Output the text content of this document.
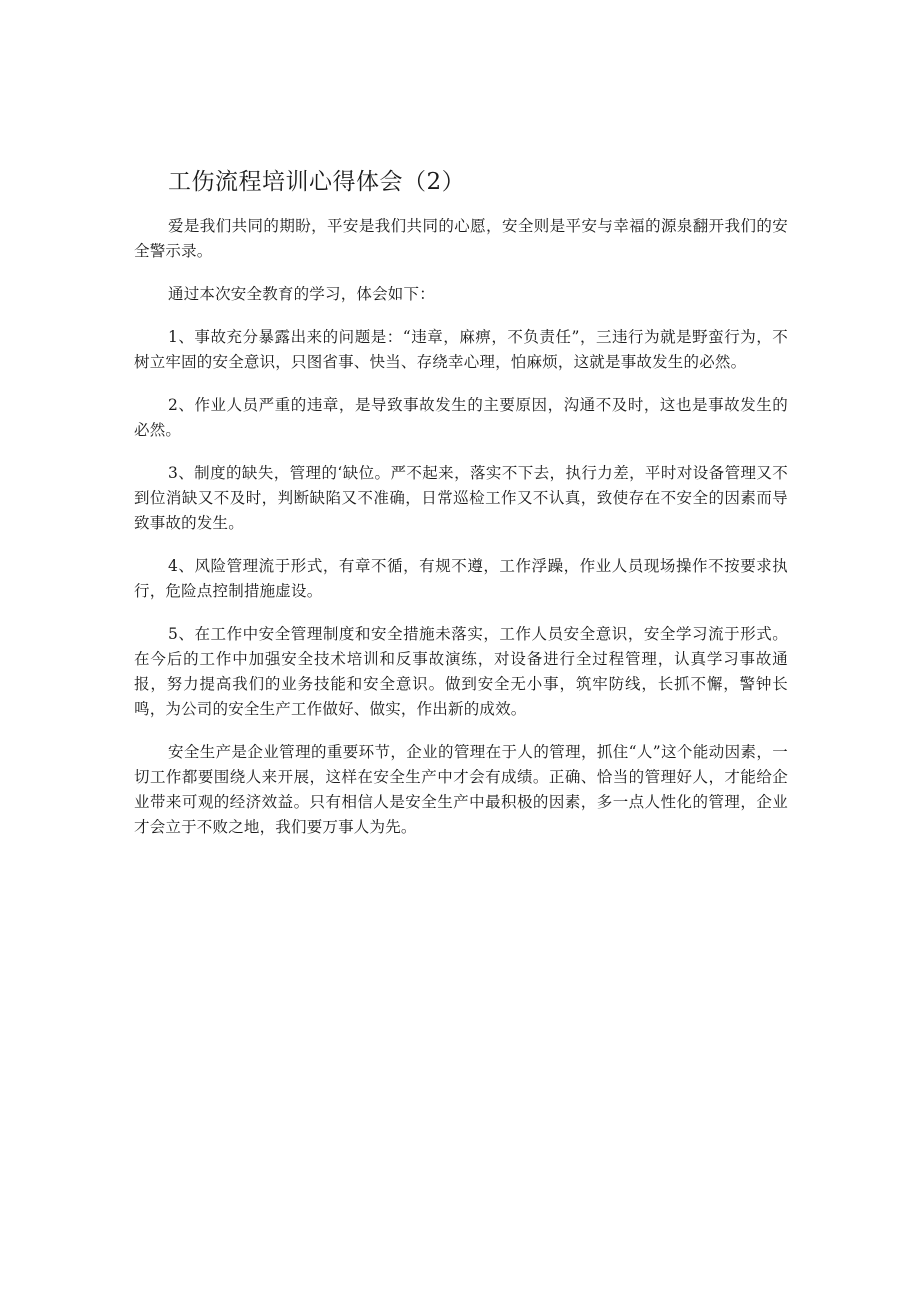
工伤流程培训心得体会（2）

爱是我们共同的期盼，平安是我们共同的心愿，安全则是平安与幸福的源泉翻开我们的安全警示录。

通过本次安全教育的学习，体会如下：

1、事故充分暴露出来的问题是：“违章，麻痹，不负责任”，三违行为就是野蛮行为，不树立牢固的安全意识，只图省事、快当、存绕幸心理，怕麻烦，这就是事故发生的必然。

2、作业人员严重的违章，是导致事故发生的主要原因，沟通不及时，这也是事故发生的必然。

3、制度的缺失，管理的‘缺位。严不起来，落实不下去，执行力差，平时对设备管理又不到位消缺又不及时，判断缺陷又不准确，日常巡检工作又不认真，致使存在不安全的因素而导致事故的发生。

4、风险管理流于形式，有章不循，有规不遵，工作浮躁，作业人员现场操作不按要求执行，危险点控制措施虚设。

5、在工作中安全管理制度和安全措施未落实，工作人员安全意识，安全学习流于形式。在今后的工作中加强安全技术培训和反事故演练，对设备进行全过程管理，认真学习事故通报，努力提高我们的业务技能和安全意识。做到安全无小事，筑牢防线，长抓不懈，警钟长鸣，为公司的安全生产工作做好、做实，作出新的成效。

安全生产是企业管理的重要环节，企业的管理在于人的管理，抓住“人”这个能动因素，一切工作都要围绕人来开展，这样在安全生产中才会有成绩。正确、恰当的管理好人，才能给企业带来可观的经济效益。只有相信人是安全生产中最积极的因素，多一点人性化的管理，企业才会立于不败之地，我们要万事人为先。
